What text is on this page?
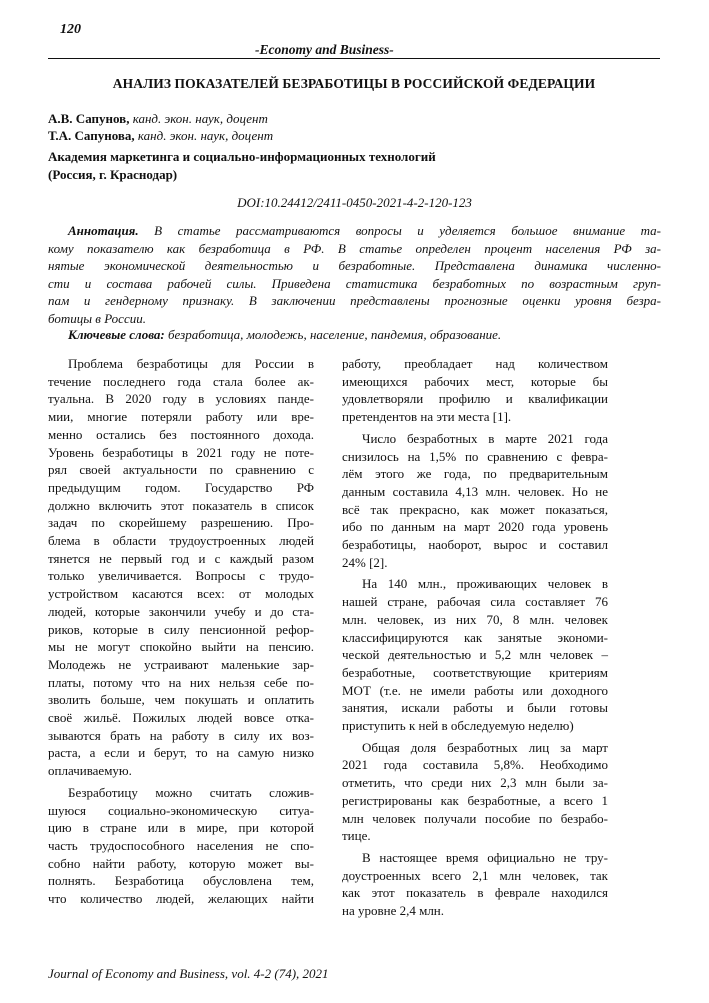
120
-Economy and Business-
АНАЛИЗ ПОКАЗАТЕЛЕЙ БЕЗРАБОТИЦЫ В РОССИЙСКОЙ ФЕДЕРАЦИИ
А.В. Сапунов, канд. экон. наук, доцент
Т.А. Сапунова, канд. экон. наук, доцент
Академия маркетинга и социально-информационных технологий
(Россия, г. Краснодар)
DOI:10.24412/2411-0450-2021-4-2-120-123
Аннотация. В статье рассматриваются вопросы и уделяется большое внимание та-
кому показателю как безработица в РФ. В статье определен процент населения РФ за-
нятые экономической деятельностью и безработные. Представлена динамика численно-
сти и состава рабочей силы. Приведена статистика безработных по возрастным груп-
пам и гендерному признаку. В заключении представлены прогнозные оценки уровня безра-
ботицы в России.
Ключевые слова: безработица, молодежь, население, пандемия, образование.
Проблема безработицы для России в
течение последнего года стала более ак-
туальна. В 2020 году в условиях панде-
мии, многие потеряли работу или вре-
менно остались без постоянного дохода.
Уровень безработицы в 2021 году не поте-
рял своей актуальности по сравнению с
предыдущим годом. Государство РФ
должно включить этот показатель в список
задач по скорейшему разрешению. Про-
блема в области трудоустроенных людей
тянется не первый год и с каждый разом
только увеличивается. Вопросы с трудо-
устройством касаются всех: от молодых
людей, которые закончили учебу и до ста-
риков, которые в силу пенсионной рефор-
мы не могут спокойно выйти на пенсию.
Молодежь не устраивают маленькие зар-
платы, потому что на них нельзя себе по-
зволить больше, чем покушать и оплатить
своё жильё. Пожилых людей вовсе отка-
зываются брать на работу в силу их воз-
раста, а если и берут, то на самую низко
оплачиваемую.
Безработицу можно считать сложив-
шуюся социально-экономическую ситуа-
цию в стране или в мире, при которой
часть трудоспособного населения не спо-
собно найти работу, которую может вы-
полнять. Безработица обусловлена тем,
что количество людей, желающих найти
работу, преобладает над количеством
имеющихся рабочих мест, которые бы
удовлетворяли профилю и квалификации
претендентов на эти места [1].
Число безработных в марте 2021 года
снизилось на 1,5% по сравнению с февра-
лём этого же года, по предварительным
данным составила 4,13 млн. человек. Но не
всё так прекрасно, как может показаться,
ибо по данным на март 2020 года уровень
безработицы, наоборот, вырос и составил
24% [2].
На 140 млн., проживающих человек в
нашей стране, рабочая сила составляет 76
млн. человек, из них 70, 8 млн. человек
классифицируются как занятые экономи-
ческой деятельностью и 5,2 млн человек –
безработные, соответствующие критериям
МОТ (т.е. не имели работы или доходного
занятия, искали работы и были готовы
приступить к ней в обследуемую неделю)
Общая доля безработных лиц за март
2021 года составила 5,8%. Необходимо
отметить, что среди них 2,3 млн были за-
регистрированы как безработные, а всего 1
млн человек получали пособие по безрабо-
тице.
В настоящее время официально не тру-
доустроенных всего 2,1 млн человек, так
как этот показатель в феврале находился
на уровне 2,4 млн.
Journal of Economy and Business, vol. 4-2 (74), 2021
